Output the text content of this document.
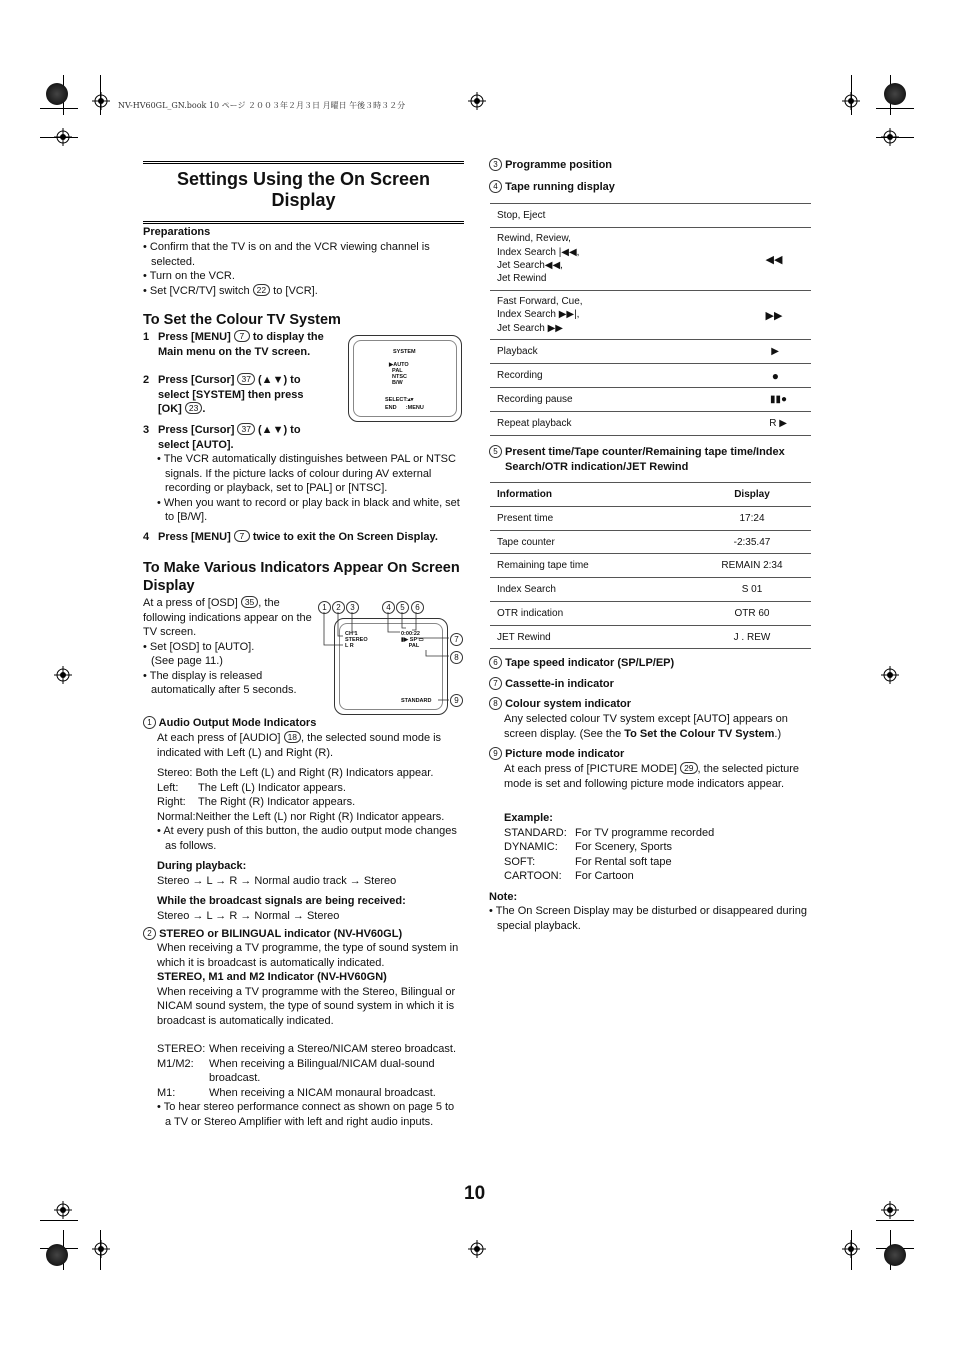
NV-HV60GL_GN.book 10 ページ ２００３年２月３日 月曜日 午後３時３２分
Settings Using the On Screen Display
Preparations
• Confirm that the TV is on and the VCR viewing channel is selected.
• Turn on the VCR.
• Set [VCR/TV] switch 22 to [VCR].
To Set the Colour TV System
1 Press [MENU] 7 to display the
Main menu on the TV screen.
2 Press [Cursor] 37 (▲▼) to
select [SYSTEM] then press
[OK] 23 .
3 Press [Cursor] 37 (▲▼) to
select [AUTO].
SYSTEM
▶AUTO
PAL
NTSC
B/W
SELECT:▴▾
END      :MENU
• The VCR automatically distinguishes between PAL or NTSC signals. If the picture lacks of colour during AV external recording or playback, set to [PAL] or [NTSC].
• When you want to record or play back in black and white, set to [B/W].
4 Press [MENU] 7 twice to exit the On Screen Display.
To Make Various Indicators Appear On Screen Display
At a press of [OSD] 35 , the following indications appear on the TV screen.
• Set [OSD] to [AUTO].
(See page 11.)
• The display is released automatically after 5 seconds.
CH 1
STEREO
L R
0:00:22
▮▶ SP ▭
PAL
STANDARD
1	2	3	4	5	6
7
8
9
1 Audio Output Mode Indicators
At each press of [AUDIO] 18 , the selected sound mode is indicated with Left (L) and Right (R).
Stereo: Both the Left (L) and Right (R) Indicators appear.
Left: The Left (L) Indicator appears.
Right: The Right (R) Indicator appears.
Normal:Neither the Left (L) nor Right (R) Indicator appears.
• At every push of this button, the audio output mode changes as follows.
During playback:
Stereo → L → R → Normal audio track → Stereo
While the broadcast signals are being received:
Stereo → L → R → Normal → Stereo
2 STEREO or BILINGUAL indicator (NV-HV60GL)
When receiving a TV programme, the type of sound system in which it is broadcast is automatically indicated.
STEREO, M1 and M2 Indicator (NV-HV60GN)
When receiving a TV programme with the Stereo, Bilingual or NICAM sound system, the type of sound system in which it is broadcast is automatically indicated.
STEREO: When receiving a Stereo/NICAM stereo broadcast.
M1/M2:	When receiving a Bilingual/NICAM dual-sound broadcast.
M1:	When receiving a NICAM monaural broadcast.
• To hear stereo performance connect as shown on page 5 to a TV or Stereo Amplifier with left and right audio inputs.
3 Programme position
4 Tape running display
Stop, Eject	
Rewind, Review,
Index Search |◀◀,
Jet Search◀◀,
Jet Rewind	◀◀
Fast Forward, Cue,
Index Search ▶▶|,
Jet Search ▶▶	▶▶
Playback	▶
Recording	●
Recording pause	▮▮●
Repeat playback	R ▶
5 Present time/Tape counter/Remaining tape time/Index Search/OTR indication/JET Rewind
Information	Display
Present time	17:24
Tape counter	-2:35.47
Remaining tape time	REMAIN 2:34
Index Search	S 01
OTR indication	OTR 60
JET Rewind	J . REW
6 Tape speed indicator (SP/LP/EP)
7 Cassette-in indicator
8 Colour system indicator
Any selected colour TV system except [AUTO] appears on screen display. (See the To Set the Colour TV System.)
9 Picture mode indicator
At each press of [PICTURE MODE] 29 , the selected picture mode is set and following picture mode indicators appear.
Example:
STANDARD: For TV programme recorded
DYNAMIC: For Scenery, Sports
SOFT:	For Rental soft tape
CARTOON: For Cartoon
Note:
• The On Screen Display may be disturbed or disappeared during special playback.
10
